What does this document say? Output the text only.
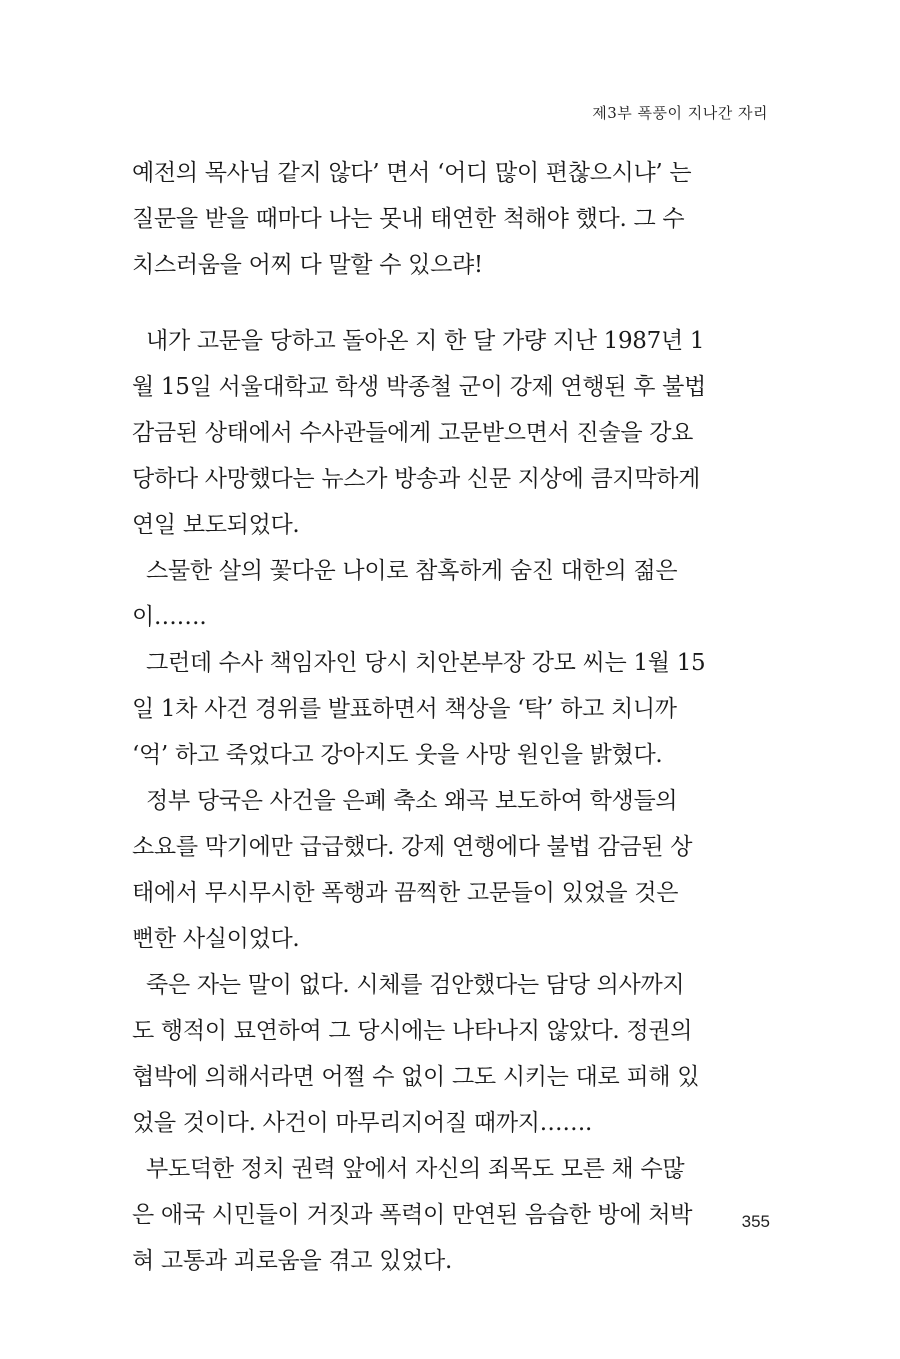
제3부 폭풍이 지나간 자리
예전의 목사님 같지 않다’ 면서 ‘어디 많이 편찮으시냐’ 는
질문을 받을 때마다 나는 못내 태연한 척해야 했다. 그 수
치스러움을 어찌 다 말할 수 있으랴!
내가 고문을 당하고 돌아온 지 한 달 가량 지난 1987년 1
월 15일 서울대학교 학생 박종철 군이 강제 연행된 후 불법
감금된 상태에서 수사관들에게 고문받으면서 진술을 강요
당하다 사망했다는 뉴스가 방송과 신문 지상에 큼지막하게
연일 보도되었다.
스물한 살의 꽃다운 나이로 참혹하게 숨진 대한의 젊은
이…….
그런데 수사 책임자인 당시 치안본부장 강모 씨는 1월 15
일 1차 사건 경위를 발표하면서 책상을 ‘탁’ 하고 치니까
‘억’ 하고 죽었다고 강아지도 웃을 사망 원인을 밝혔다.
정부 당국은 사건을 은폐 축소 왜곡 보도하여 학생들의
소요를 막기에만 급급했다. 강제 연행에다 불법 감금된 상
태에서 무시무시한 폭행과 끔찍한 고문들이 있었을 것은
뻔한 사실이었다.
죽은 자는 말이 없다. 시체를 검안했다는 담당 의사까지
도 행적이 묘연하여 그 당시에는 나타나지 않았다. 정권의
협박에 의해서라면 어쩔 수 없이 그도 시키는 대로 피해 있
었을 것이다. 사건이 마무리지어질 때까지…….
부도덕한 정치 권력 앞에서 자신의 죄목도 모른 채 수많
은 애국 시민들이 거짓과 폭력이 만연된 음습한 방에 처박
혀 고통과 괴로움을 겪고 있었다.
355
